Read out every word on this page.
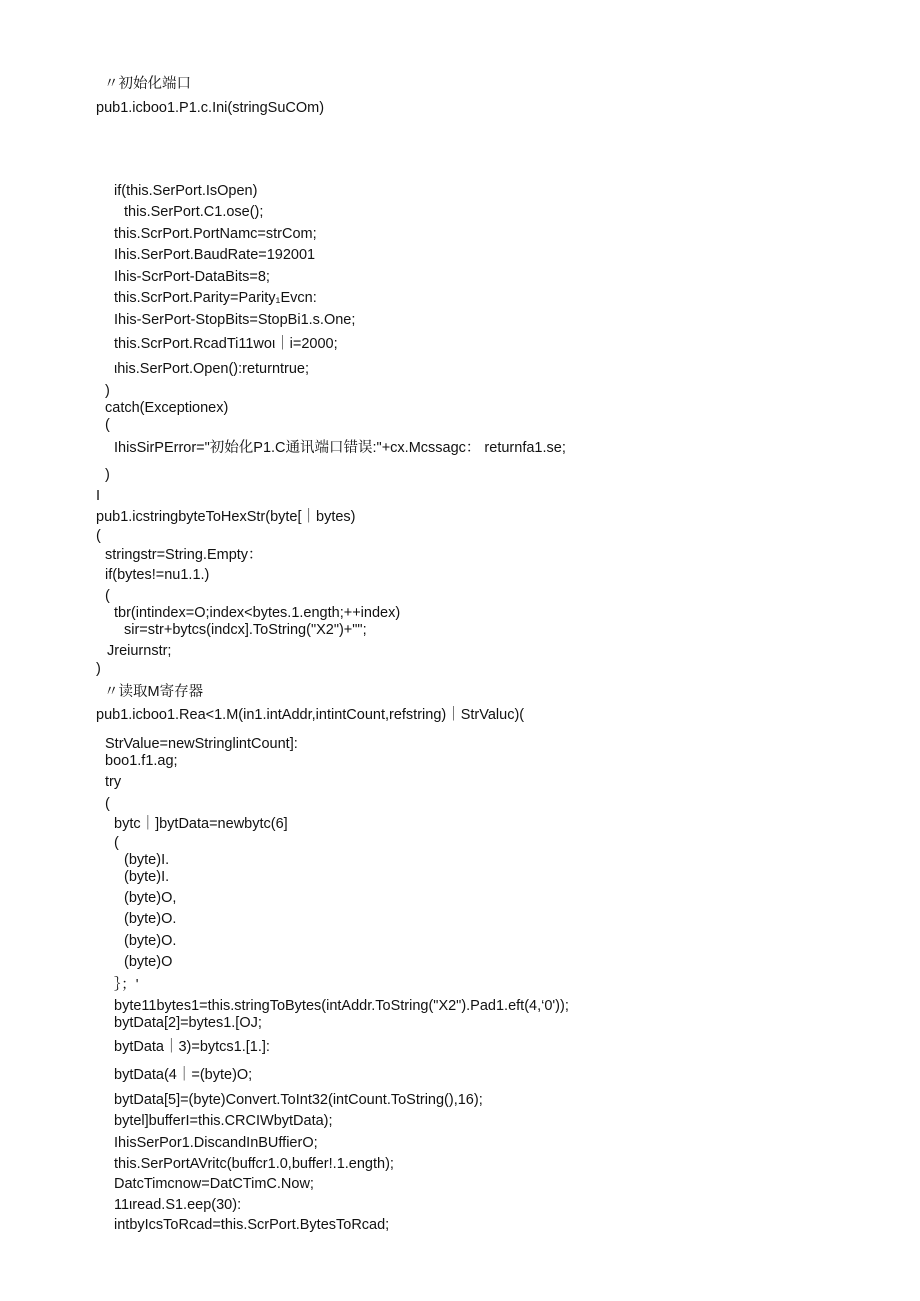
〃初始化端口
pub1.icboo1.P1.c.Ini(stringSuCOm)
if(this.SerPort.IsOpen)
this.SerPort.C1.ose();
this.ScrPort.PortNamc=strCom;
Ihis.SerPort.BaudRate=192001
Ihis-ScrPort-DataBits=8;
this.ScrPort.Parity=Parity₁Evcn:
Ihis-SerPort-StopBits=StopBi1.s.One;
this.ScrPort.RcadTi11woι｜i=2000;
ιhis.SerPort.Open():returntrue;
)
catch(Exceptionex)
(
IhisSirPError="初始化P1.C通讯端口错误:"+cx.Mcssagc： returnfa1.se;
)
I
pub1.icstringbyteToHexStr(byte[｜bytes)
(
stringstr=String.Empty：
if(bytes!=nu1.1.)
(
tbr(intindex=O;index<bytes.1.ength;++index)
sir=str+bytcs(indcx].ToString("X2")+"";
Jreiurnstr;
)
〃读取M寄存器
pub1.icboo1.Rea<1.M(in1.intAddr,intintCount,refstring)｜StrValuc)(
StrValue=newStringlintCount]:
boo1.f1.ag;
try
(
bytc｜]bytData=newbytc(6]
(
(byte)I.
(byte)I.
(byte)O,
(byte)O.
(byte)O.
(byte)O
｝；'
byte11bytes1=this.stringToBytes(intAddr.ToString("X2").Pad1.eft(4,‘0'));
bytData[2]=bytes1.[OJ;
bytData｜3)=bytcs1.[1.]:
bytData(4｜=(byte)O;
bytData[5]=(byte)Convert.ToInt32(intCount.ToString(),16);
bytel]bufferI=this.CRCIWbytData);
IhisSerPor1.DiscandInBUffierO;
this.SerPortAVritc(buffcr1.0,buffer!.1.ength);
DatcTimcnow=DatCTimC.Now;
11ιread.S1.eep(30):
intbyIcsToRcad=this.ScrPort.BytesToRcad;
